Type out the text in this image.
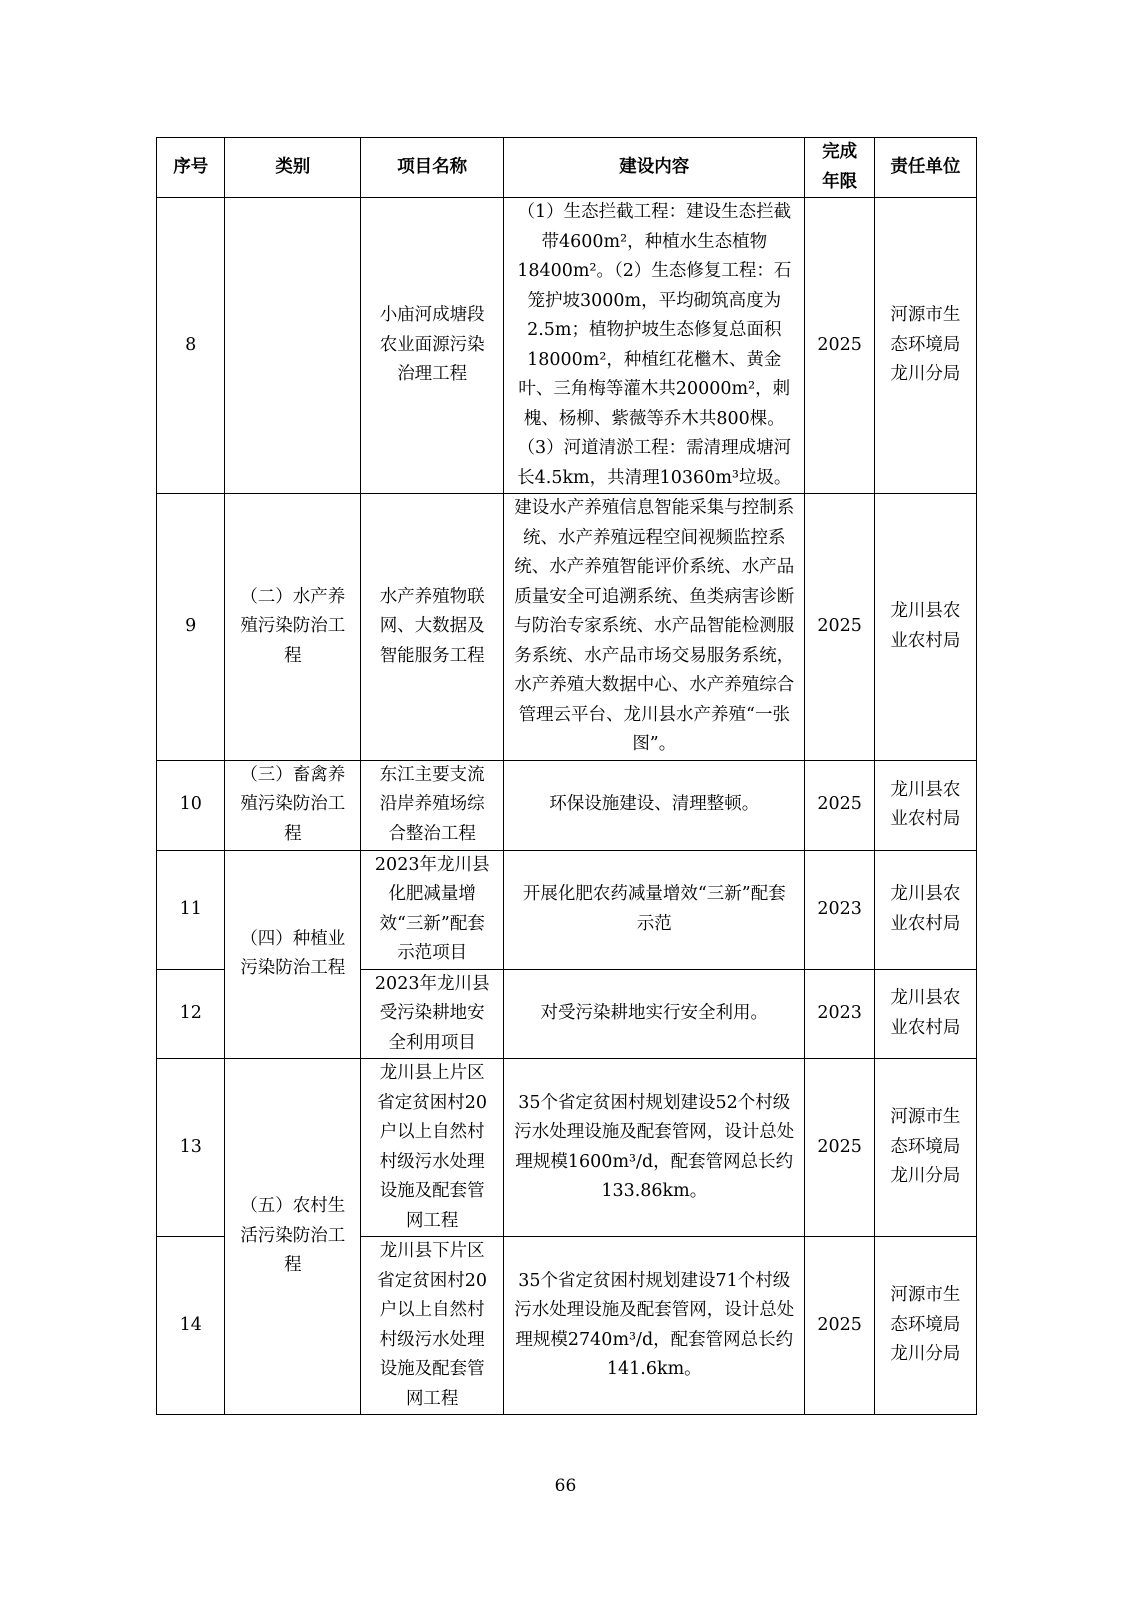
序号	类别	项目名称	建设内容	完成年限	责任单位
8		小庙河成塘段农业面源污染治理工程	（1）生态拦截工程：建设生态拦截带4600m²，种植水生态植物18400m²。（2）生态修复工程：石笼护坡3000m，平均砌筑高度为2.5m；植物护坡生态修复总面积18000m²，种植红花檵木、黄金叶、三角梅等灌木共20000m²，刺槐、杨柳、紫薇等乔木共800棵。（3）河道清淤工程：需清理成塘河长4.5km，共清理10360m³垃圾。	2025	河源市生态环境局龙川分局
9	（二）水产养殖污染防治工程	水产养殖物联网、大数据及智能服务工程	建设水产养殖信息智能采集与控制系统、水产养殖远程空间视频监控系统、水产养殖智能评价系统、水产品质量安全可追溯系统、鱼类病害诊断与防治专家系统、水产品智能检测服务系统、水产品市场交易服务系统，水产养殖大数据中心、水产养殖综合管理云平台、龙川县水产养殖“一张图”。	2025	龙川县农业农村局
10	（三）畜禽养殖污染防治工程	东江主要支流沿岸养殖场综合整治工程	环保设施建设、清理整顿。	2025	龙川县农业农村局
11	（四）种植业污染防治工程	2023年龙川县化肥减量增效“三新”配套示范项目	开展化肥农药减量增效“三新”配套示范	2023	龙川县农业农村局
12		2023年龙川县受污染耕地安全利用项目	对受污染耕地实行安全利用。	2023	龙川县农业农村局
13	（五）农村生活污染防治工程	龙川县上片区省定贫困村20户以上自然村村级污水处理设施及配套管网工程	35个省定贫困村规划建设52个村级污水处理设施及配套管网，设计总处理规模1600m³/d，配套管网总长约133.86km。	2025	河源市生态环境局龙川分局
14		龙川县下片区省定贫困村20户以上自然村村级污水处理设施及配套管网工程	35个省定贫困村规划建设71个村级污水处理设施及配套管网，设计总处理规模2740m³/d，配套管网总长约141.6km。	2025	河源市生态环境局龙川分局
66
